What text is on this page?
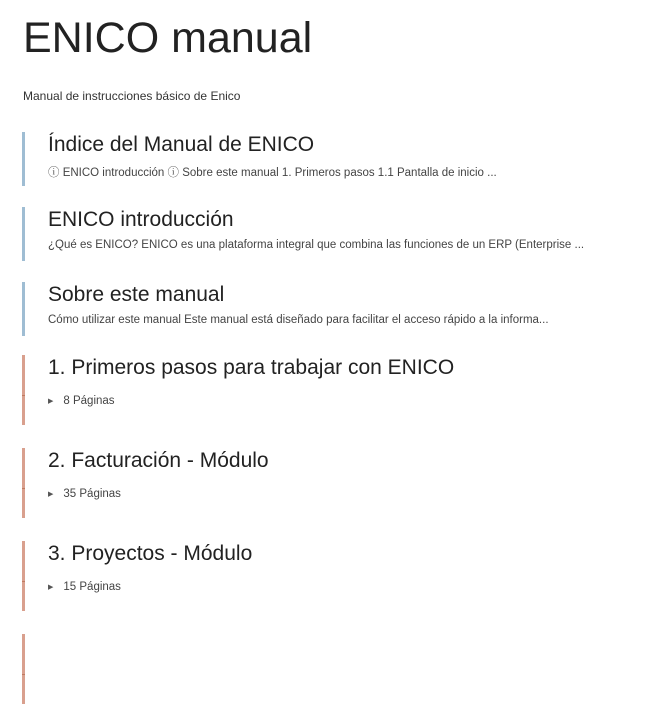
ENICO manual
Manual de instrucciones básico de Enico
Índice del Manual de ENICO
ⓘ ENICO introducción ⓘ Sobre este manual 1. Primeros pasos 1.1 Pantalla de inicio ...
ENICO introducción
¿Qué es ENICO? ENICO es una plataforma integral que combina las funciones de un ERP (Enterprise ...
Sobre este manual
Cómo utilizar este manual Este manual está diseñado para facilitar el acceso rápido a la informa...
1. Primeros pasos para trabajar con ENICO
▶ 8 Páginas
2. Facturación - Módulo
▶ 35 Páginas
3. Proyectos - Módulo
▶ 15 Páginas
